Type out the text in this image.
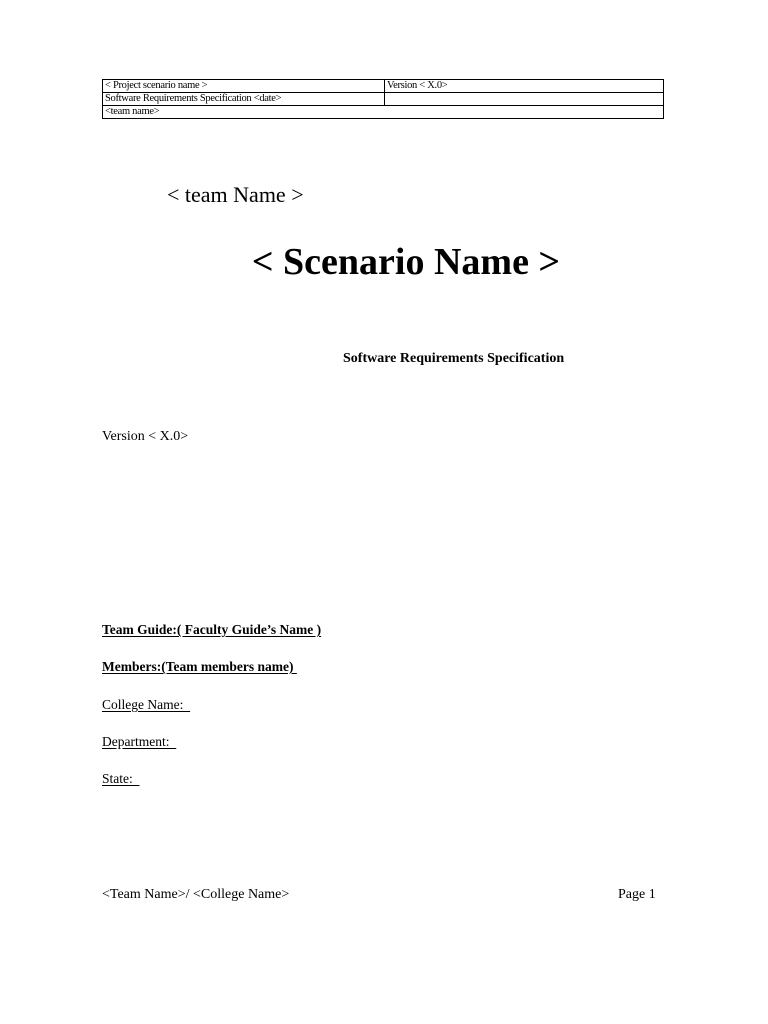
< Project scenario name >	Version < X.0>
Software Requirements Specification <date>	
<team name>	
< team Name >
< Scenario Name >
Software Requirements Specification
Version < X.0>
Team Guide:( Faculty Guide’s Name )
Members:(Team members name)
College Name:
Department:
State:
<Team Name>/ <College Name>	Page 1
